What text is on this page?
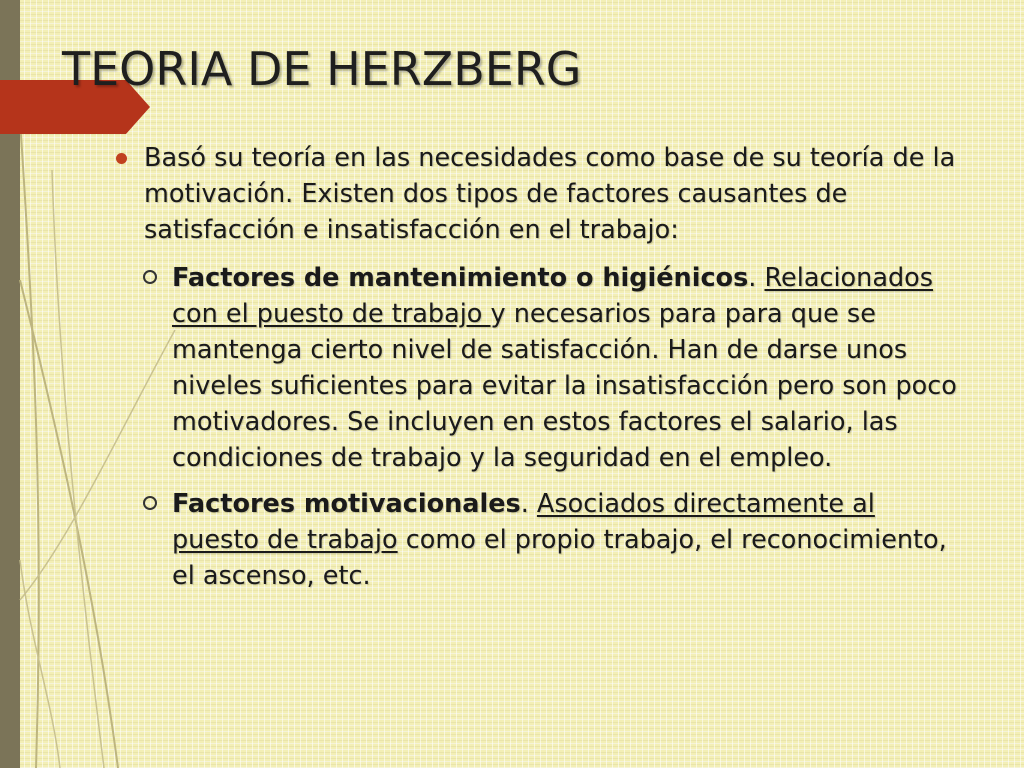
TEORIA DE HERZBERG
Basó su teoría en las necesidades como base de su teoría de la motivación. Existen dos tipos de factores causantes de satisfacción e insatisfacción en el trabajo:
Factores de mantenimiento o higiénicos. Relacionados con el puesto de trabajo y necesarios para para que se mantenga cierto nivel de satisfacción. Han de darse unos niveles suficientes para evitar la insatisfacción pero son poco motivadores. Se incluyen en estos factores el salario, las condiciones de trabajo y la seguridad en el empleo.
Factores motivacionales. Asociados directamente al puesto de trabajo como el propio trabajo, el reconocimiento, el ascenso, etc.
